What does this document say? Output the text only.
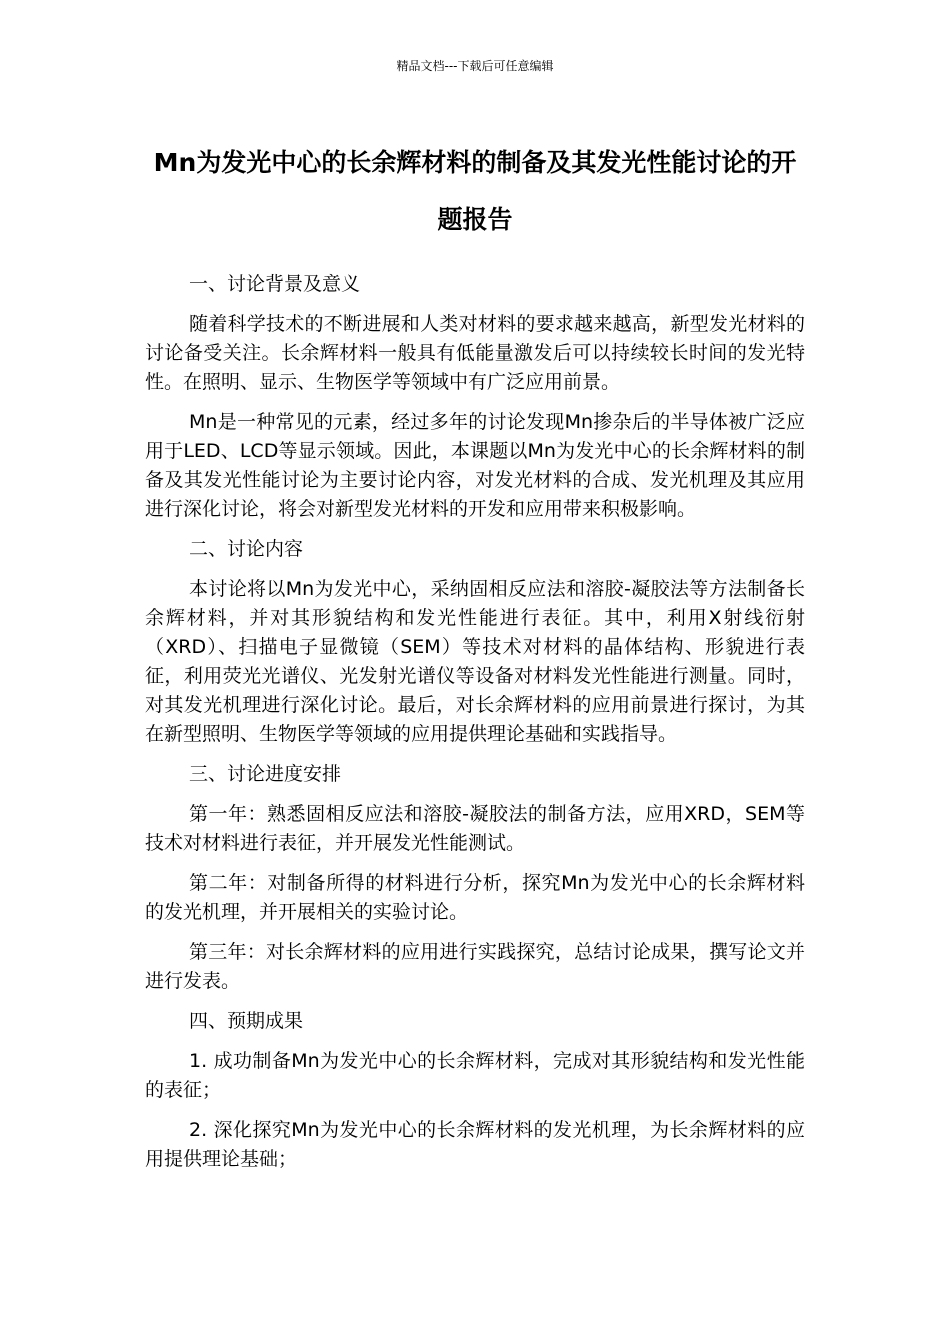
精品文档---下载后可任意编辑
Mn为发光中心的长余辉材料的制备及其发光性能讨论的开题报告
一、讨论背景及意义

随着科学技术的不断进展和人类对材料的要求越来越高，新型发光材料的讨论备受关注。长余辉材料一般具有低能量激发后可以持续较长时间的发光特性。在照明、显示、生物医学等领域中有广泛应用前景。

Mn是一种常见的元素，经过多年的讨论发现Mn掺杂后的半导体被广泛应用于LED、LCD等显示领域。因此，本课题以Mn为发光中心的长余辉材料的制备及其发光性能讨论为主要讨论内容，对发光材料的合成、发光机理及其应用进行深化讨论，将会对新型发光材料的开发和应用带来积极影响。

二、讨论内容

本讨论将以Mn为发光中心，采纳固相反应法和溶胶-凝胶法等方法制备长余辉材料，并对其形貌结构和发光性能进行表征。其中，利用X射线衍射（XRD）、扫描电子显微镜（SEM）等技术对材料的晶体结构、形貌进行表征，利用荧光光谱仪、光发射光谱仪等设备对材料发光性能进行测量。同时，对其发光机理进行深化讨论。最后，对长余辉材料的应用前景进行探讨，为其在新型照明、生物医学等领域的应用提供理论基础和实践指导。

三、讨论进度安排

第一年：熟悉固相反应法和溶胶-凝胶法的制备方法，应用XRD，SEM等技术对材料进行表征，并开展发光性能测试。

第二年：对制备所得的材料进行分析，探究Mn为发光中心的长余辉材料的发光机理，并开展相关的实验讨论。

第三年：对长余辉材料的应用进行实践探究，总结讨论成果，撰写论文并进行发表。

四、预期成果

1. 成功制备Mn为发光中心的长余辉材料，完成对其形貌结构和发光性能的表征；

2. 深化探究Mn为发光中心的长余辉材料的发光机理，为长余辉材料的应用提供理论基础；
